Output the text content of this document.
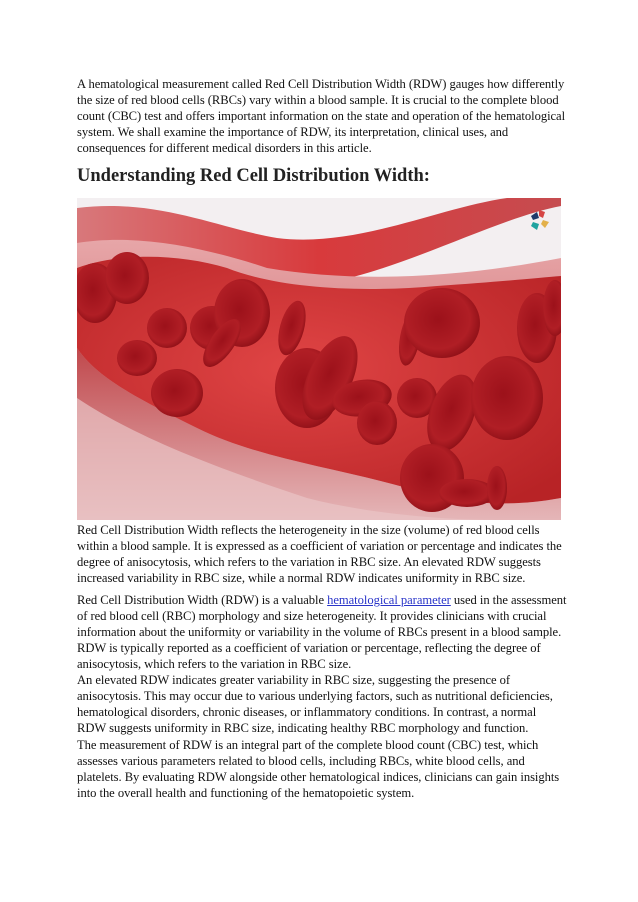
A hematological measurement called Red Cell Distribution Width (RDW) gauges how differently the size of red blood cells (RBCs) vary within a blood sample. It is crucial to the complete blood count (CBC) test and offers important information on the state and operation of the hematological system. We shall examine the importance of RDW, its interpretation, clinical uses, and consequences for different medical disorders in this article.

Understanding Red Cell Distribution Width:

Red Cell Distribution Width reflects the heterogeneity in the size (volume) of red blood cells within a blood sample. It is expressed as a coefficient of variation or percentage and indicates the degree of anisocytosis, which refers to the variation in RBC size. An elevated RDW suggests increased variability in RBC size, while a normal RDW indicates uniformity in RBC size.

Red Cell Distribution Width (RDW) is a valuable hematological parameter used in the assessment of red blood cell (RBC) morphology and size heterogeneity. It provides clinicians with crucial information about the uniformity or variability in the volume of RBCs present in a blood sample. RDW is typically reported as a coefficient of variation or percentage, reflecting the degree of anisocytosis, which refers to the variation in RBC size.
An elevated RDW indicates greater variability in RBC size, suggesting the presence of anisocytosis. This may occur due to various underlying factors, such as nutritional deficiencies, hematological disorders, chronic diseases, or inflammatory conditions. In contrast, a normal RDW suggests uniformity in RBC size, indicating healthy RBC morphology and function.

The measurement of RDW is an integral part of the complete blood count (CBC) test, which assesses various parameters related to blood cells, including RBCs, white blood cells, and platelets. By evaluating RDW alongside other hematological indices, clinicians can gain insights into the overall health and functioning of the hematopoietic system.
